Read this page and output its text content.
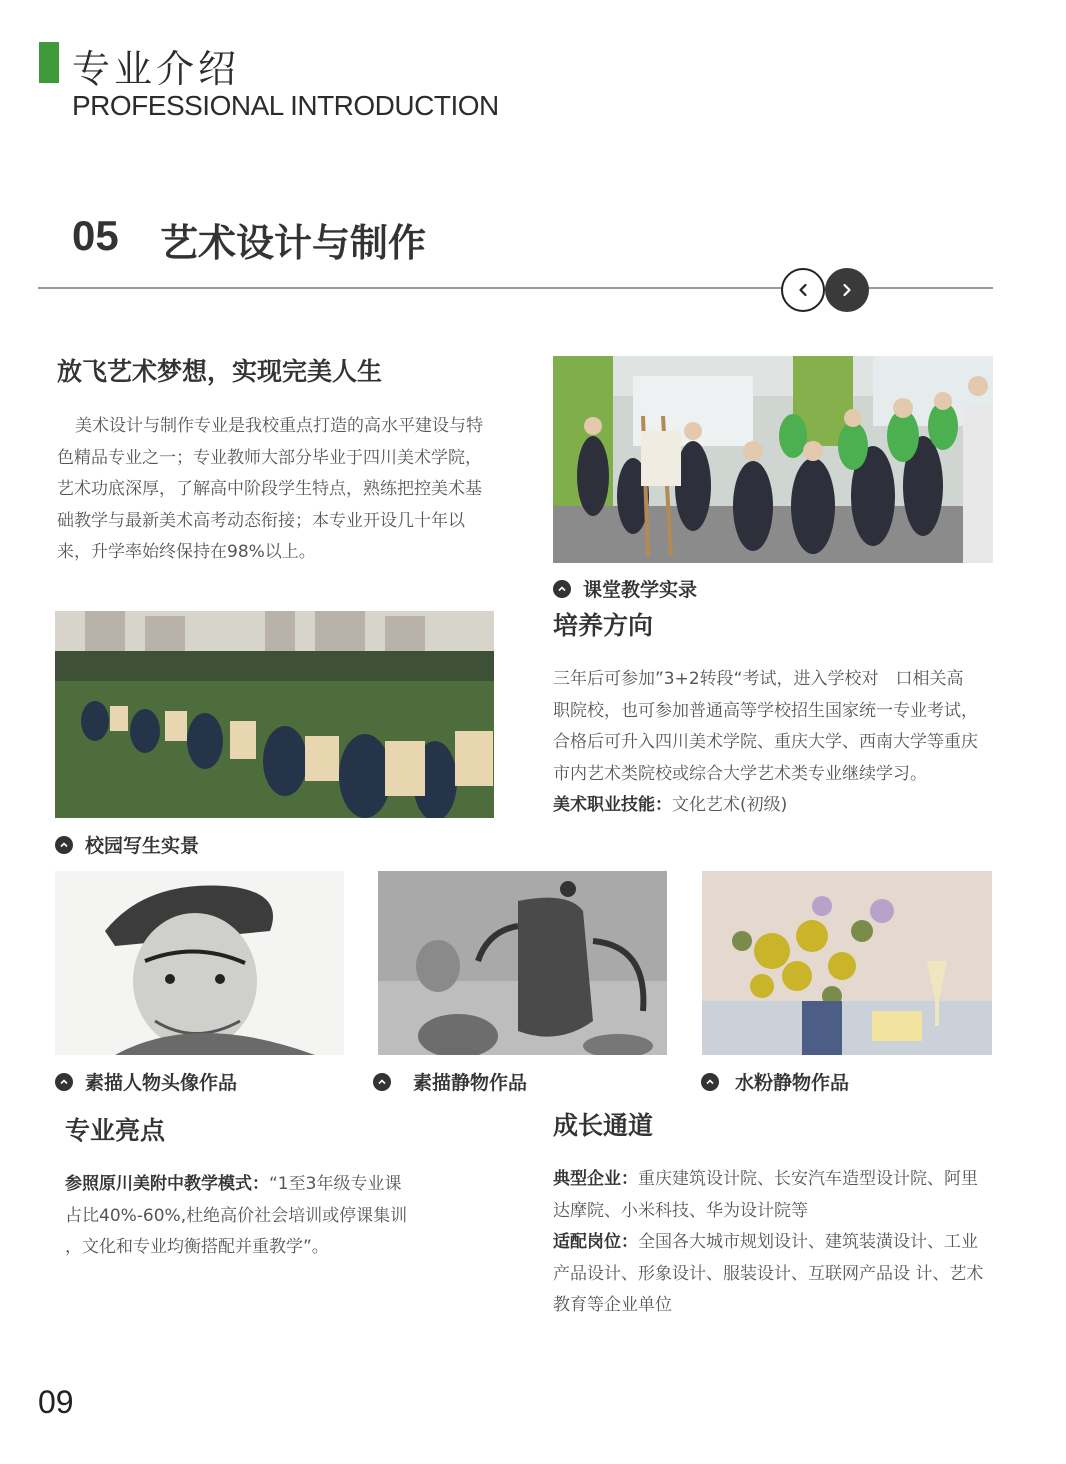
专业介绍
PROFESSIONAL INTRODUCTION
05 艺术设计与制作
放飞艺术梦想，实现完美人生
美术设计与制作专业是我校重点打造的高水平建设与特
色精品专业之一；专业教师大部分毕业于四川美术学院，
艺术功底深厚，了解高中阶段学生特点，熟练把控美术基
础教学与最新美术高考动态衔接；本专业开设几十年以
来，升学率始终保持在98%以上。
课堂教学实录
培养方向
三年后可参加”3+2转段“考试，进入学校对　口相关高
职院校，也可参加普通高等学校招生国家统一专业考试，
合格后可升入四川美术学院、重庆大学、西南大学等重庆
市内艺术类院校或综合大学艺术类专业继续学习。
美术职业技能：文化艺术(初级)
校园写生实景
素描人物头像作品	素描静物作品	水粉静物作品
专业亮点
参照原川美附中教学模式：“1至3年级专业课
占比40%-60%,杜绝高价社会培训或停课集训
，文化和专业均衡搭配并重教学”。
成长通道
典型企业：重庆建筑设计院、长安汽车造型设计院、阿里
达摩院、小米科技、华为设计院等
适配岗位：全国各大城市规划设计、建筑装潢设计、工业
产品设计、形象设计、服装设计、互联网产品设 计、艺术
教育等企业单位
09
